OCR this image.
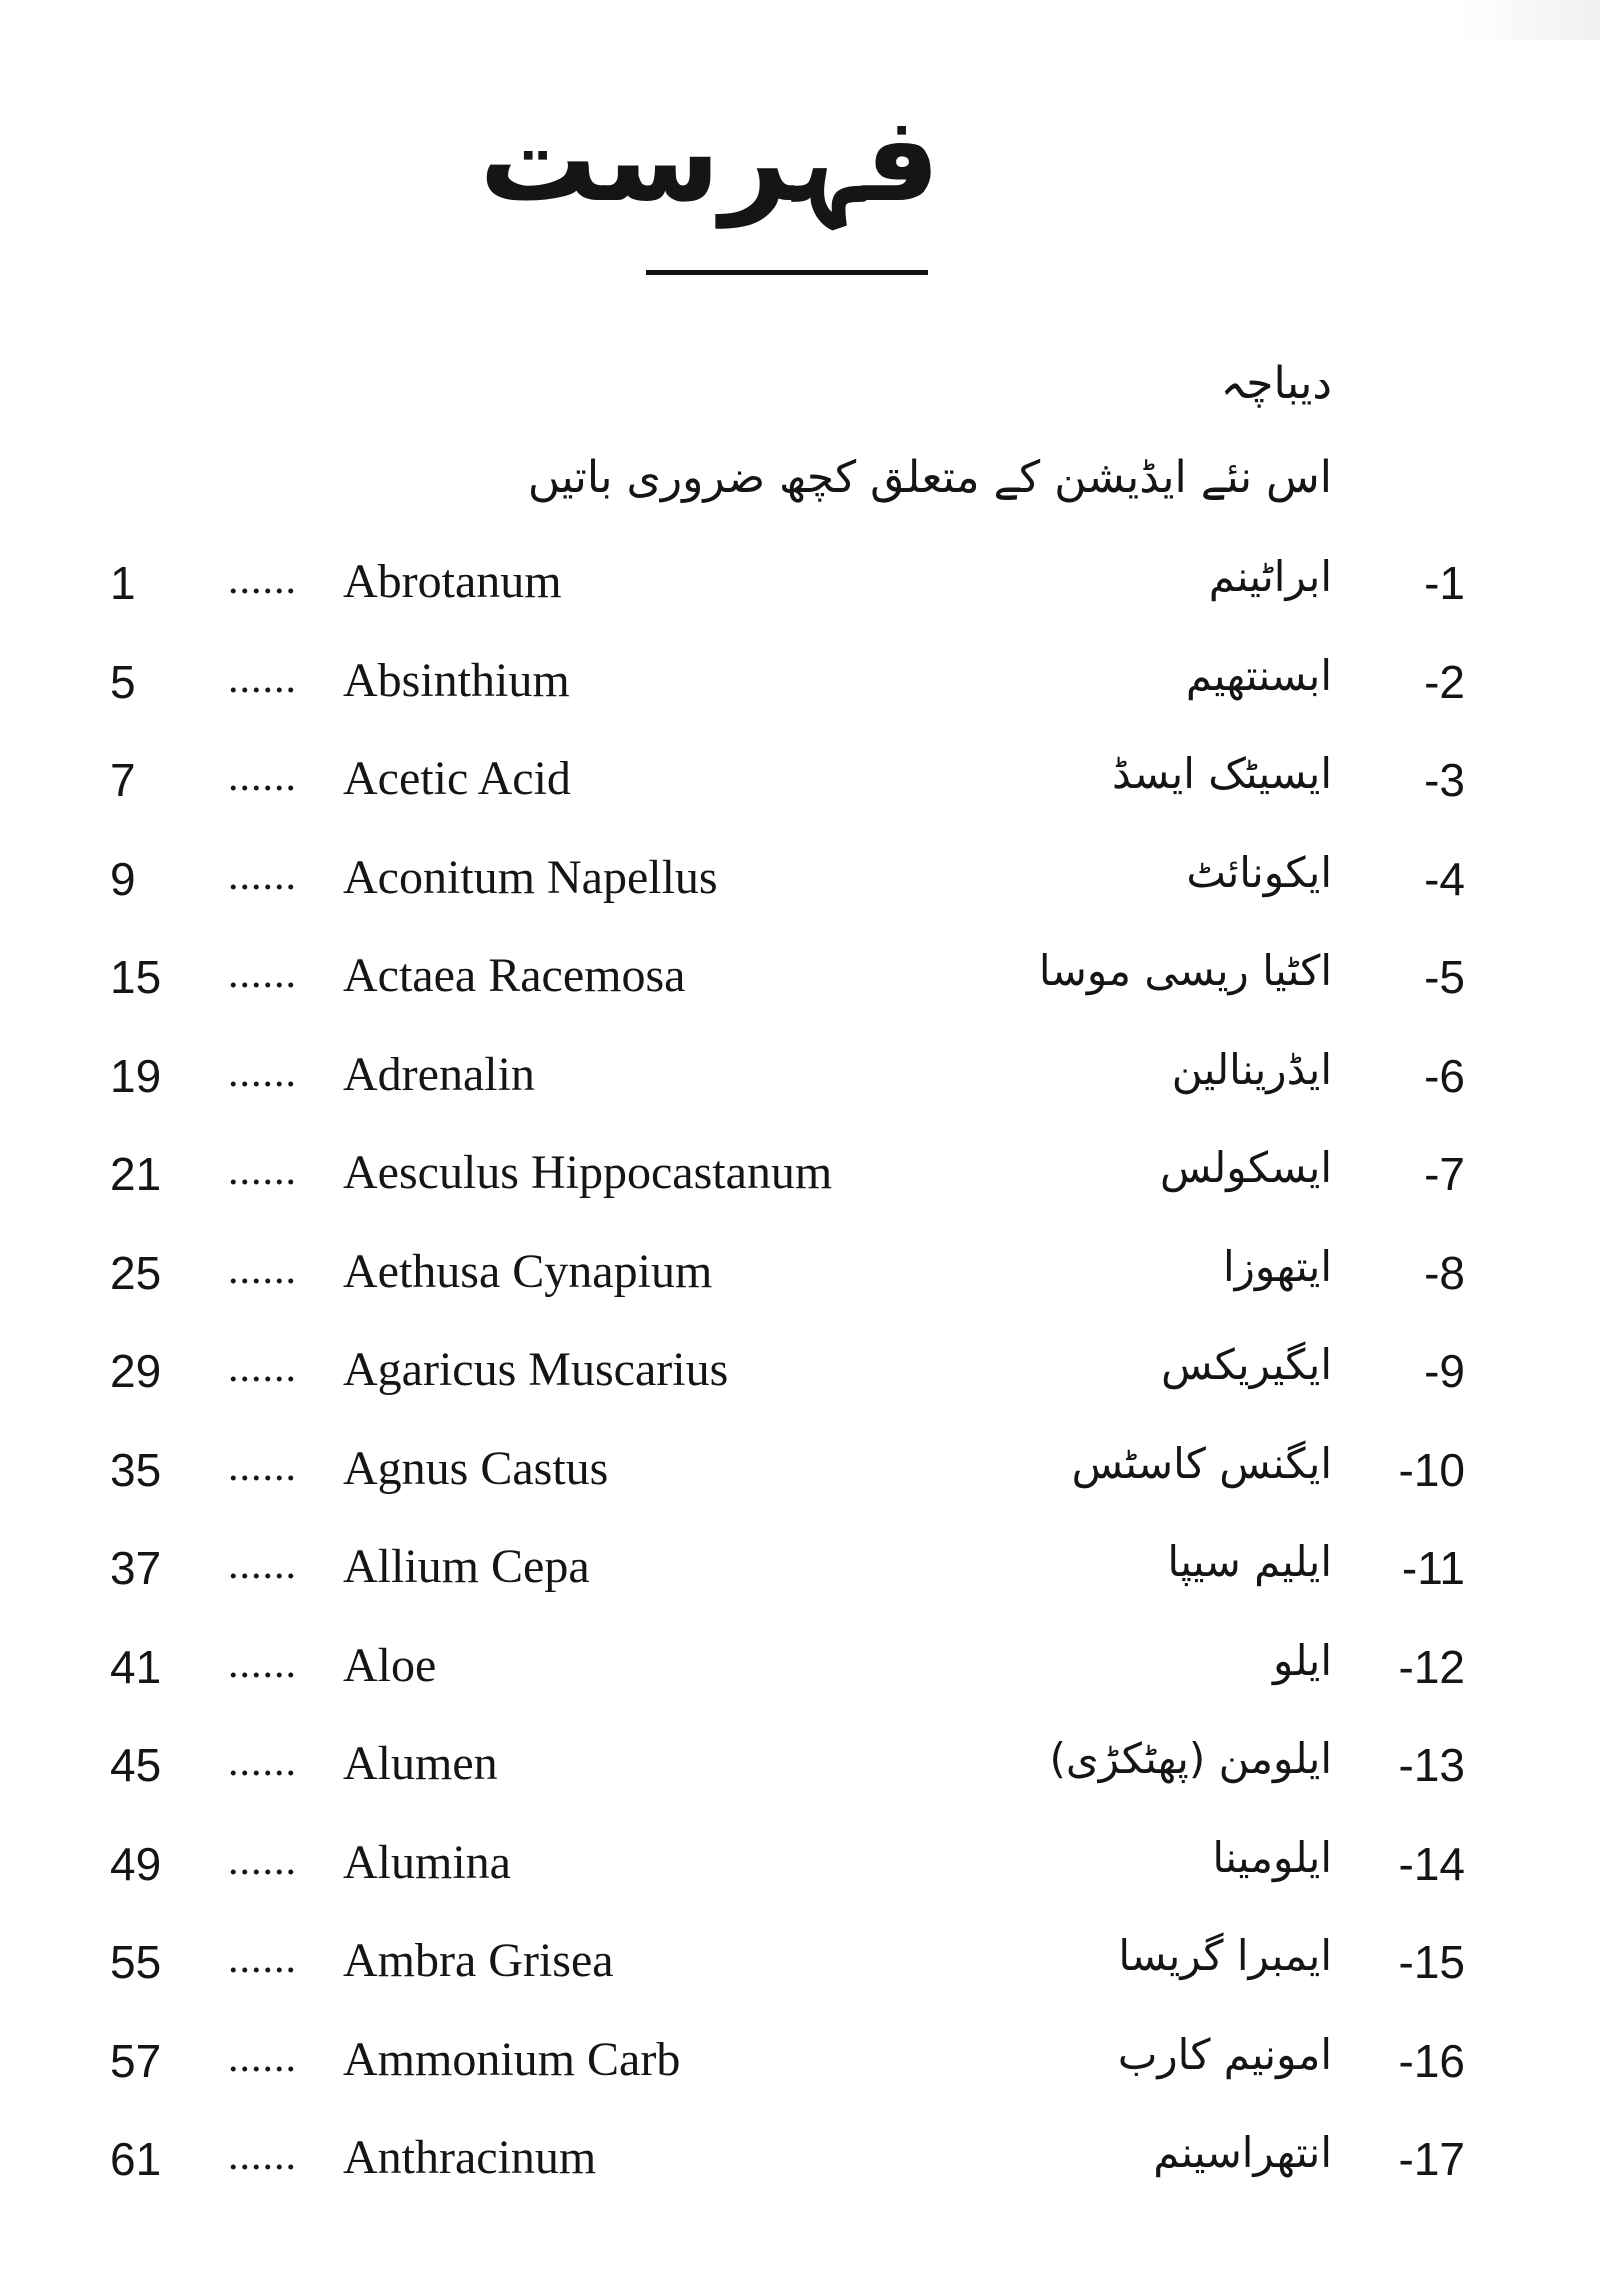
فہرست
دیباچہ
اس نئے ایڈیشن کے متعلق کچھ ضروری باتیں
1 ...... Abrotanum	ابراٹینم	-1
5 ...... Absinthium	ابسنتھیم	-2
7 ...... Acetic Acid	ایسیٹک ایسڈ	-3
9 ...... Aconitum Napellus	ایکونائٹ	-4
15 ...... Actaea Racemosa	اکٹیا ریسی موسا	-5
19 ...... Adrenalin	ایڈرینالین	-6
21 ...... Aesculus Hippocastanum	ایسکولس	-7
25 ...... Aethusa Cynapium	ایتھوزا	-8
29 ...... Agaricus Muscarius	ایگیریکس	-9
35 ...... Agnus Castus	ایگنس کاسٹس	-10
37 ...... Allium Cepa	ایلیم سیپا	-11
41 ...... Aloe	ایلو	-12
45 ...... Alumen	ایلومن (پھٹکڑی)	-13
49 ...... Alumina	ایلومینا	-14
55 ...... Ambra Grisea	ایمبرا گریسا	-15
57 ...... Ammonium Carb	امونیم کارب	-16
61 ...... Anthracinum	انتھراسینم	-17
